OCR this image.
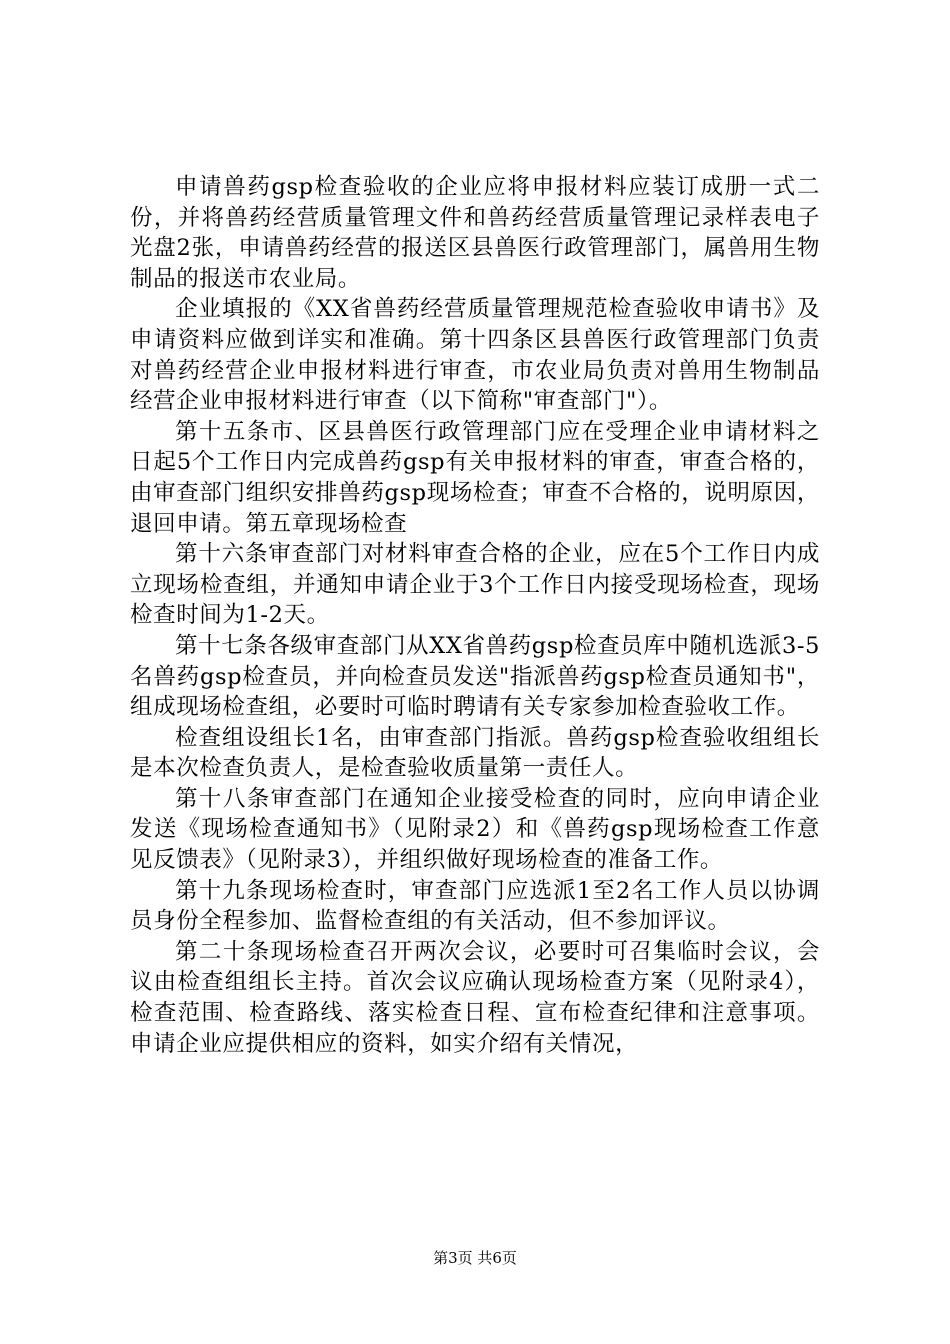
申请兽药gsp检查验收的企业应将申报材料应装订成册一式二份，并将兽药经营质量管理文件和兽药经营质量管理记录样表电子光盘2张，申请兽药经营的报送区县兽医行政管理部门，属兽用生物制品的报送市农业局。

企业填报的《XX省兽药经营质量管理规范检查验收申请书》及申请资料应做到详实和准确。第十四条区县兽医行政管理部门负责对兽药经营企业申报材料进行审查，市农业局负责对兽用生物制品经营企业申报材料进行审查（以下简称"审查部门"）。

第十五条市、区县兽医行政管理部门应在受理企业申请材料之日起5个工作日内完成兽药gsp有关申报材料的审查，审查合格的，由审查部门组织安排兽药gsp现场检查；审查不合格的，说明原因，退回申请。第五章现场检查

第十六条审查部门对材料审查合格的企业，应在5个工作日内成立现场检查组，并通知申请企业于3个工作日内接受现场检查，现场检查时间为1-2天。

第十七条各级审查部门从XX省兽药gsp检查员库中随机选派3-5名兽药gsp检查员，并向检查员发送"指派兽药gsp检查员通知书"，组成现场检查组，必要时可临时聘请有关专家参加检查验收工作。

检查组设组长1名，由审查部门指派。兽药gsp检查验收组组长是本次检查负责人，是检查验收质量第一责任人。

第十八条审查部门在通知企业接受检查的同时，应向申请企业发送《现场检查通知书》（见附录2）和《兽药gsp现场检查工作意见反馈表》（见附录3），并组织做好现场检查的准备工作。

第十九条现场检查时，审查部门应选派1至2名工作人员以协调员身份全程参加、监督检查组的有关活动，但不参加评议。

第二十条现场检查召开两次会议，必要时可召集临时会议，会议由检查组组长主持。首次会议应确认现场检查方案（见附录4），检查范围、检查路线、落实检查日程、宣布检查纪律和注意事项。申请企业应提供相应的资料，如实介绍有关情况，

第3页 共6页
